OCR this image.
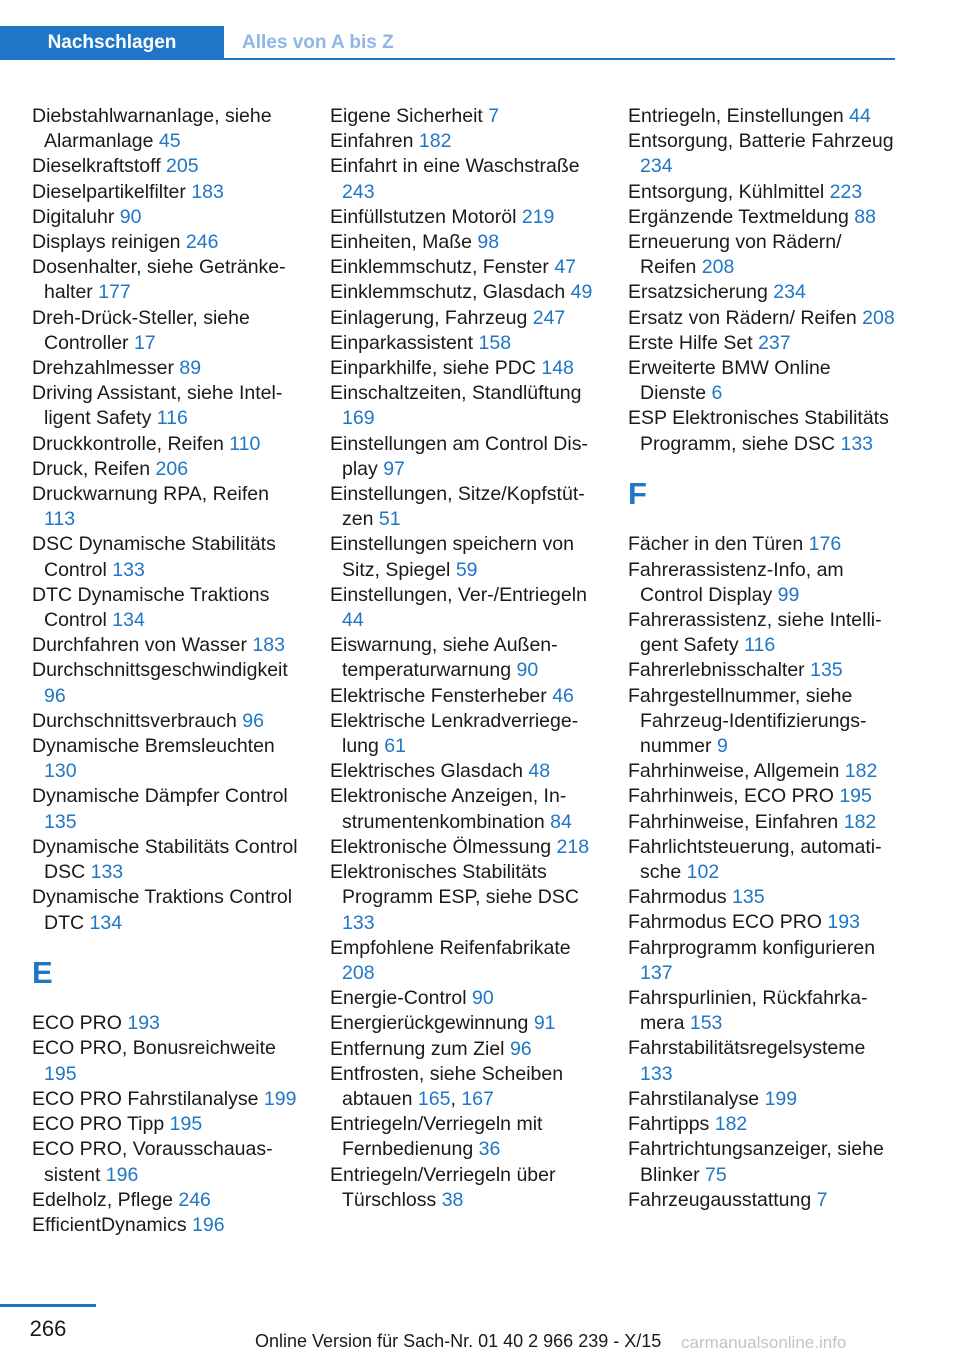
Nachschlagen	Alles von A bis Z
Diebstahlwarnanlage, siehe Alarmanlage 45
Dieselkraftstoff 205
Dieselpartikelfilter 183
Digitaluhr 90
Displays reinigen 246
Dosenhalter, siehe Getränkehalter 177
Dreh-Drück-Steller, siehe Controller 17
Drehzahlmesser 89
Driving Assistant, siehe Intelligent Safety 116
Druckkontrolle, Reifen 110
Druck, Reifen 206
Druckwarnung RPA, Reifen 113
DSC Dynamische Stabilitäts Control 133
DTC Dynamische Traktions Control 134
Durchfahren von Wasser 183
Durchschnittsgeschwindigkeit 96
Durchschnittsverbrauch 96
Dynamische Bremsleuchten 130
Dynamische Dämpfer Control 135
Dynamische Stabilitäts Control DSC 133
Dynamische Traktions Control DTC 134
E
ECO PRO 193
ECO PRO, Bonusreichweite 195
ECO PRO Fahrstilanalyse 199
ECO PRO Tipp 195
ECO PRO, Vorausschauassistent 196
Edelholz, Pflege 246
EfficientDynamics 196
Eigene Sicherheit 7
Einfahren 182
Einfahrt in eine Waschstraße 243
Einfüllstutzen Motoröl 219
Einheiten, Maße 98
Einklemmschutz, Fenster 47
Einklemmschutz, Glasdach 49
Einlagerung, Fahrzeug 247
Einparkassistent 158
Einparkhilfe, siehe PDC 148
Einschaltzeiten, Standlüftung 169
Einstellungen am Control Display 97
Einstellungen, Sitze/Kopfstützen 51
Einstellungen speichern von Sitz, Spiegel 59
Einstellungen, Ver-/Entriegeln 44
Eiswarnung, siehe Außentemperaturwarnung 90
Elektrische Fensterheber 46
Elektrische Lenkradverriegelung 61
Elektrisches Glasdach 48
Elektronische Anzeigen, Instrumentenkombination 84
Elektronische Ölmessung 218
Elektronisches Stabilitäts Programm ESP, siehe DSC 133
Empfohlene Reifenfabrikate 208
Energie-Control 90
Energierückgewinnung 91
Entfernung zum Ziel 96
Entfrosten, siehe Scheiben abtauen 165, 167
Entriegeln/Verriegeln mit Fernbedienung 36
Entriegeln/Verriegeln über Türschloss 38
Entriegeln, Einstellungen 44
Entsorgung, Batterie Fahrzeug 234
Entsorgung, Kühlmittel 223
Ergänzende Textmeldung 88
Erneuerung von Rädern/ Reifen 208
Ersatzsicherung 234
Ersatz von Rädern/ Reifen 208
Erste Hilfe Set 237
Erweiterte BMW Online Dienste 6
ESP Elektronisches Stabilitäts Programm, siehe DSC 133
F
Fächer in den Türen 176
Fahrerassistenz-Info, am Control Display 99
Fahrerassistenz, siehe Intelligent Safety 116
Fahrerlebnisschalter 135
Fahrgestellnummer, siehe Fahrzeug-Identifizierungsnummer 9
Fahrhinweise, Allgemein 182
Fahrhinweis, ECO PRO 195
Fahrhinweise, Einfahren 182
Fahrlichtsteuerung, automatische 102
Fahrmodus 135
Fahrmodus ECO PRO 193
Fahrprogramm konfigurieren 137
Fahrspurlinien, Rückfahrkamera 153
Fahrstabilitätsregelsysteme 133
Fahrstilanalyse 199
Fahrtipps 182
Fahrtrichtungsanzeiger, siehe Blinker 75
Fahrzeugausstattung 7
266	Online Version für Sach-Nr. 01 40 2 966 239 - X/15 carmanualsonline.info
